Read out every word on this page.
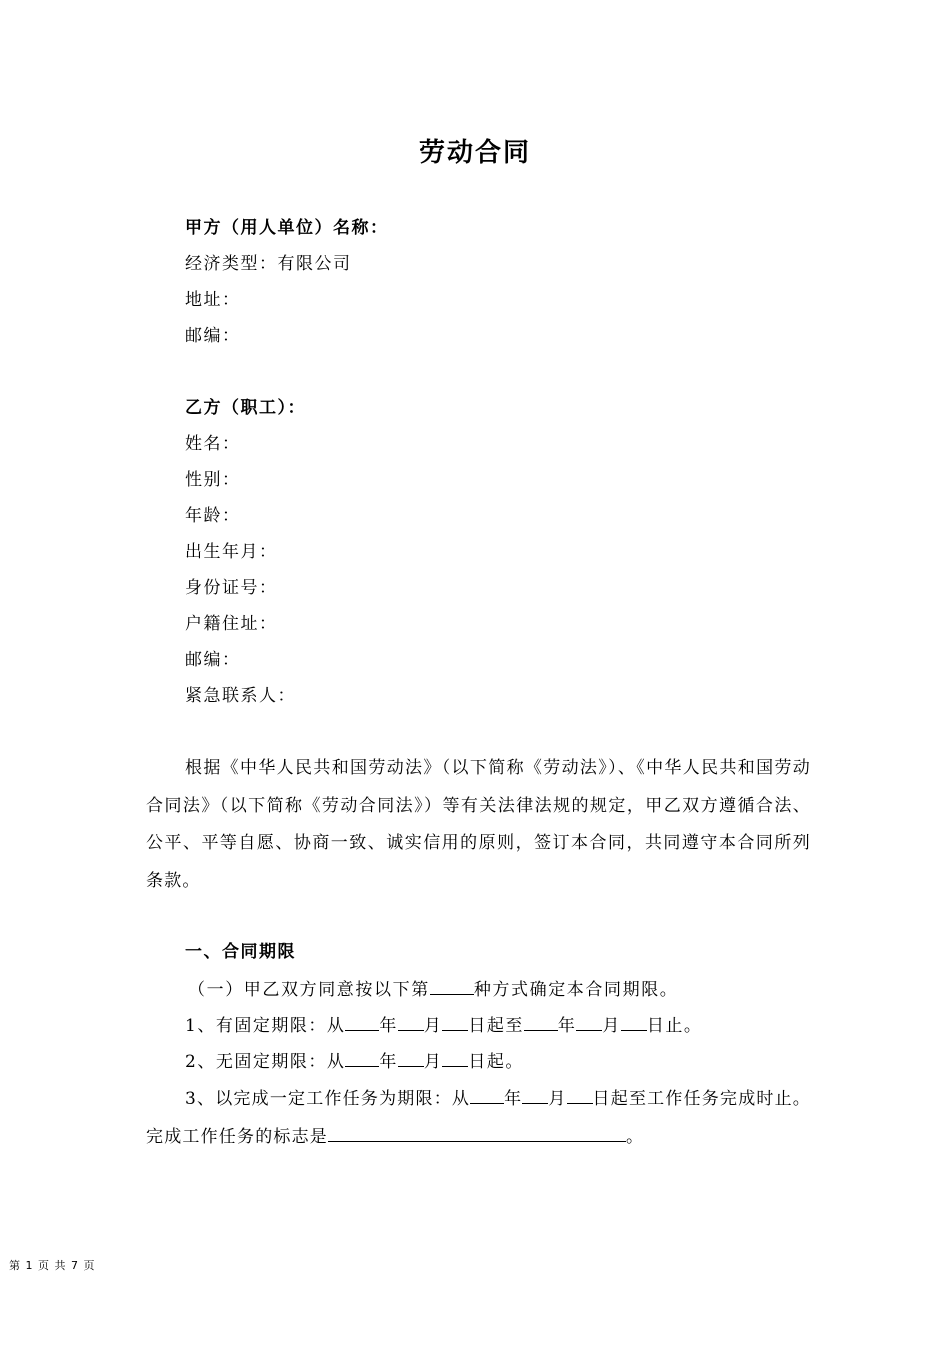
劳动合同
甲方（用人单位）名称：
经济类型：有限公司
地址：
邮编：
乙方（职工）：
姓名：
性别：
年龄：
出生年月：
身份证号：
户籍住址：
邮编：
紧急联系人：
根据《中华人民共和国劳动法》（以下简称《劳动法》）、《中华人民共和国劳动合同法》（以下简称《劳动合同法》）等有关法律法规的规定，甲乙双方遵循合法、公平、平等自愿、协商一致、诚实信用的原则，签订本合同，共同遵守本合同所列条款。
一、合同期限
（一）甲乙双方同意按以下第	种方式确定本合同期限。
1、有固定期限：从 年 月 日起至 年 月 日止。
2、无固定期限：从 年 月 日起。
3、以完成一定工作任务为期限：从 年 月 日起至工作任务完成时止。完成工作任务的标志是	。
第 1 页 共 7 页
